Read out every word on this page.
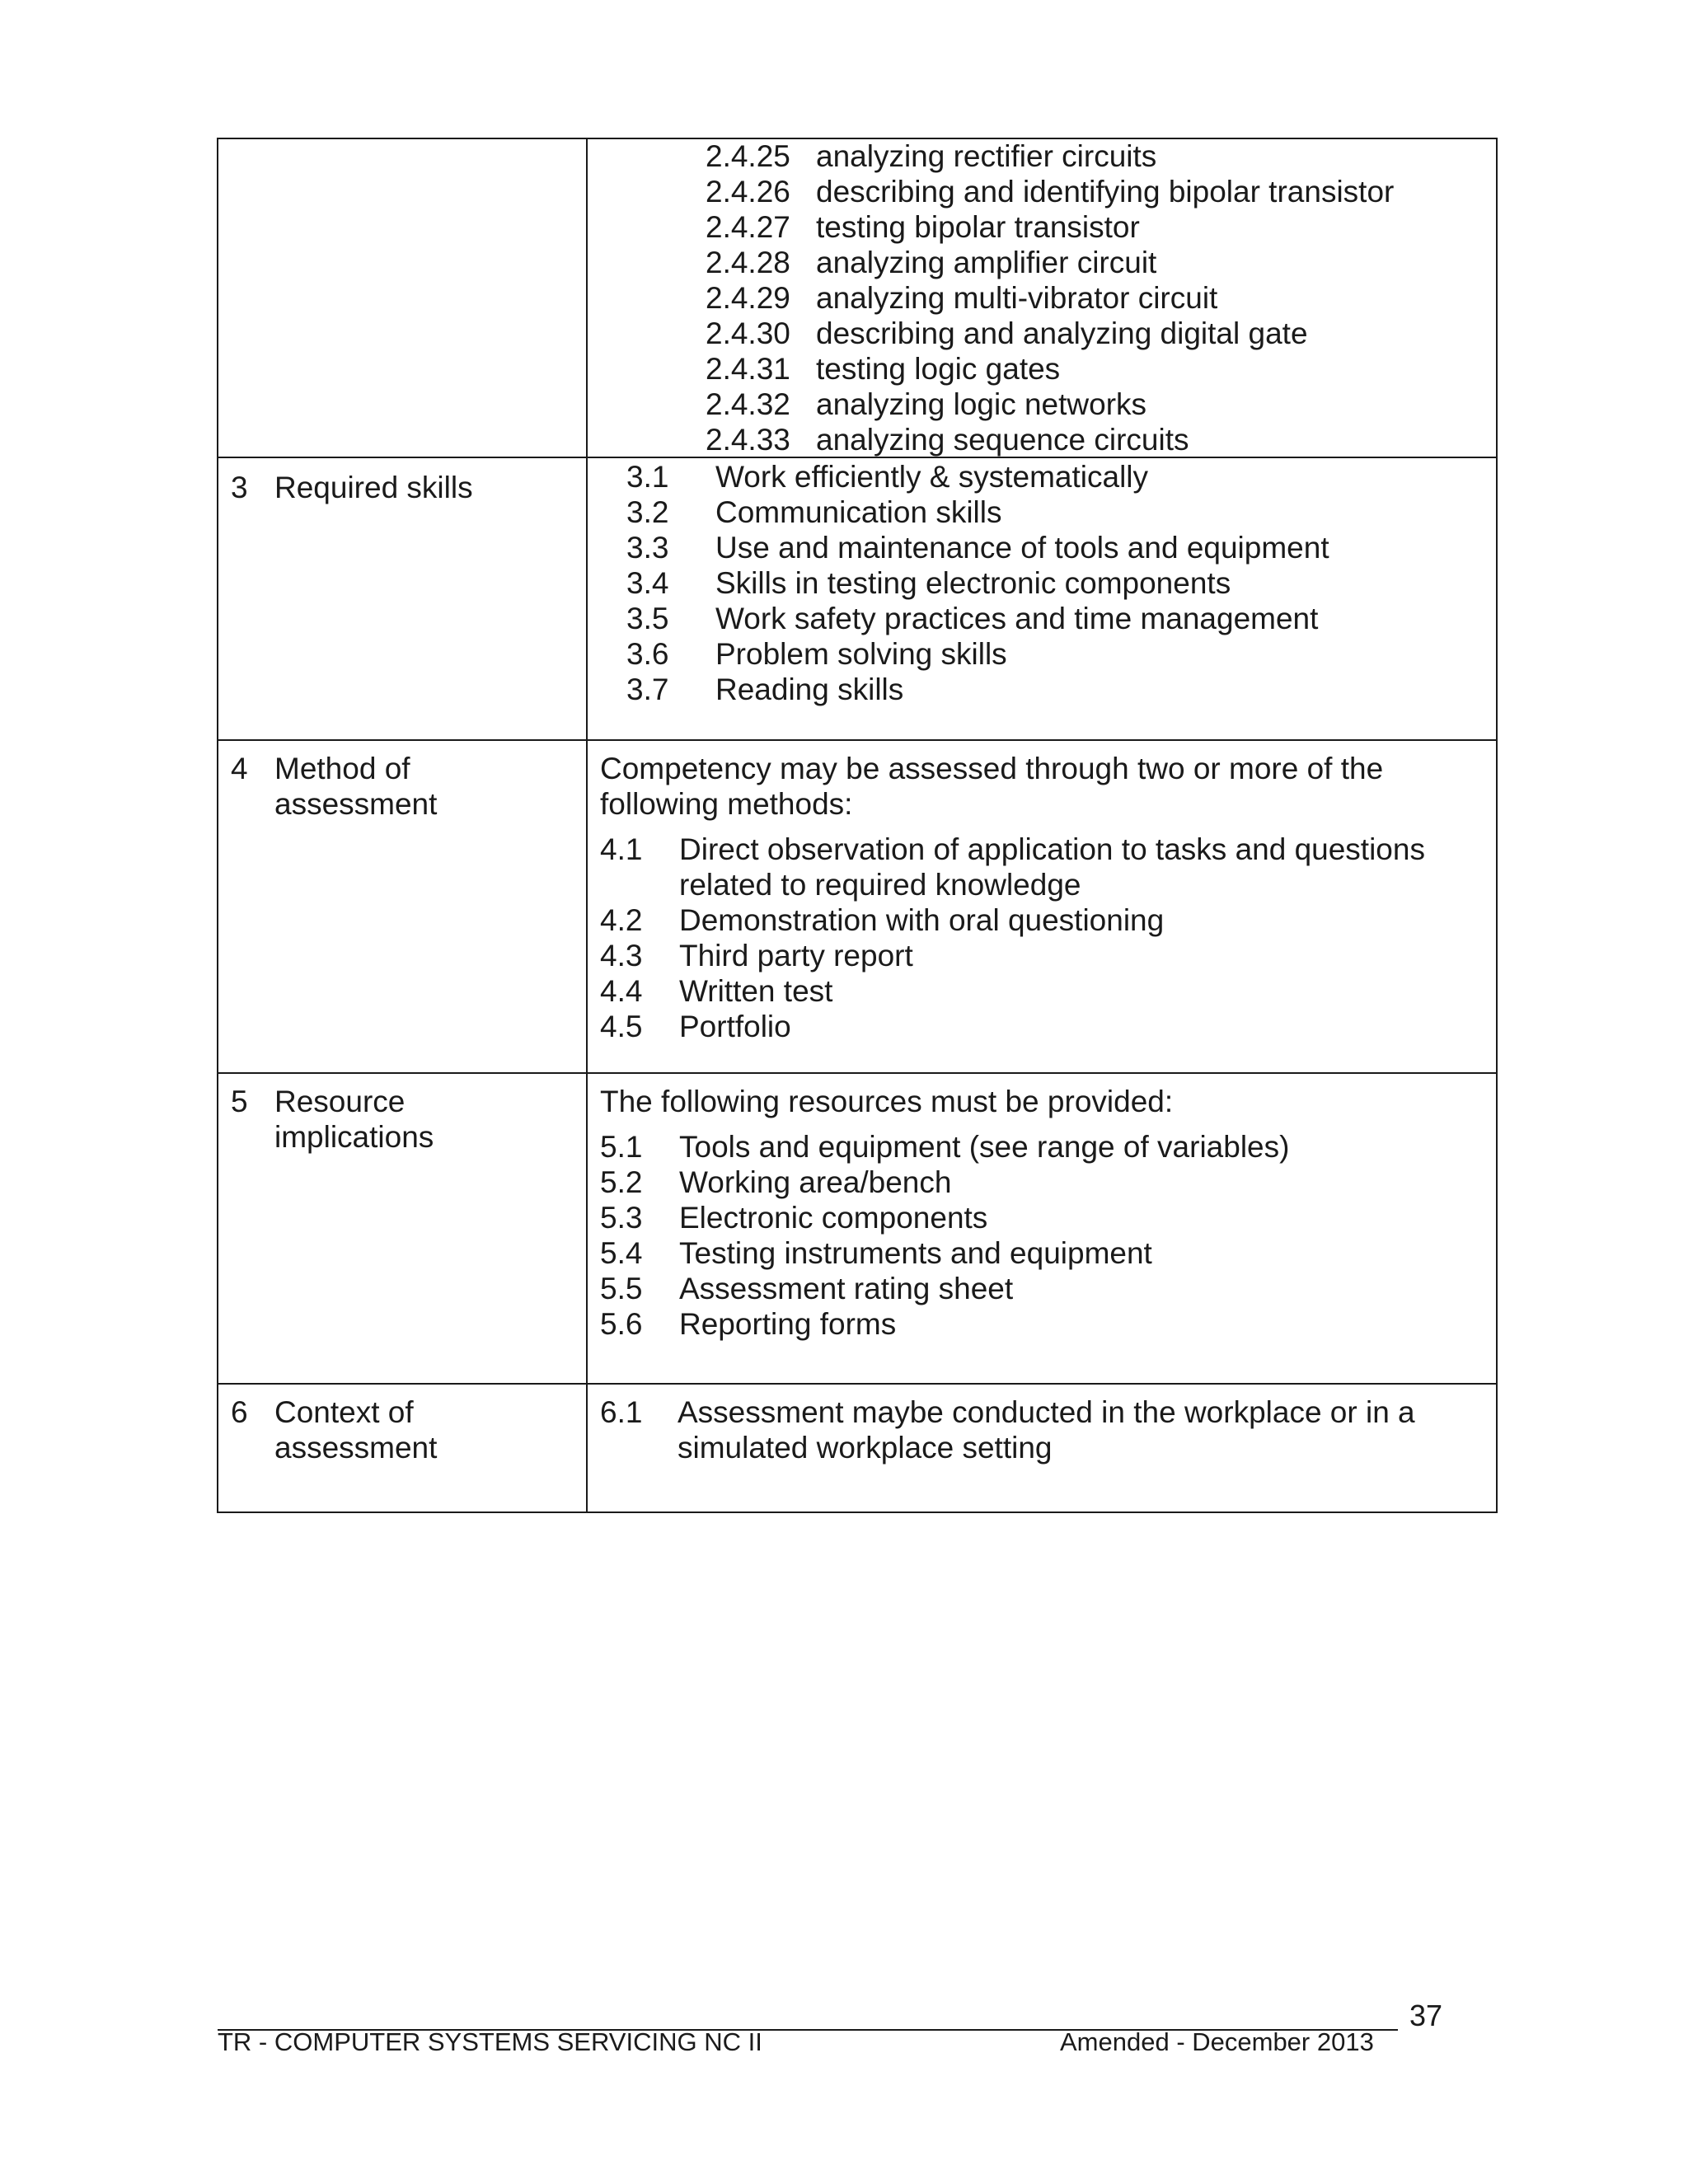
2.4.25 analyzing rectifier circuits
2.4.26 describing and identifying bipolar transistor
2.4.27 testing bipolar transistor
2.4.28 analyzing amplifier circuit
2.4.29 analyzing multi-vibrator circuit
2.4.30 describing and analyzing digital gate
2.4.31 testing logic gates
2.4.32 analyzing logic networks
2.4.33 analyzing sequence circuits
3 Required skills	3.1 Work efficiently & systematically
3.2 Communication skills
3.3 Use and maintenance of tools and equipment
3.4 Skills in testing electronic components
3.5 Work safety practices and time management
3.6 Problem solving skills
3.7 Reading skills
4 Method of
assessment
Competency may be assessed through two or more of the
following methods:
4.1 Direct observation of application to tasks and questions
related to required knowledge
4.2 Demonstration with oral questioning
4.3 Third party report
4.4 Written test
4.5 Portfolio
5 Resource
implications
The following resources must be provided:
5.1 Tools and equipment (see range of variables)
5.2 Working area/bench
5.3 Electronic components
5.4 Testing instruments and equipment
5.5 Assessment rating sheet
5.6 Reporting forms
6 Context of
assessment
6.1 Assessment maybe conducted in the workplace or in a
simulated workplace setting
TR - COMPUTER SYSTEMS SERVICING NC II	Amended - December 2013
37
